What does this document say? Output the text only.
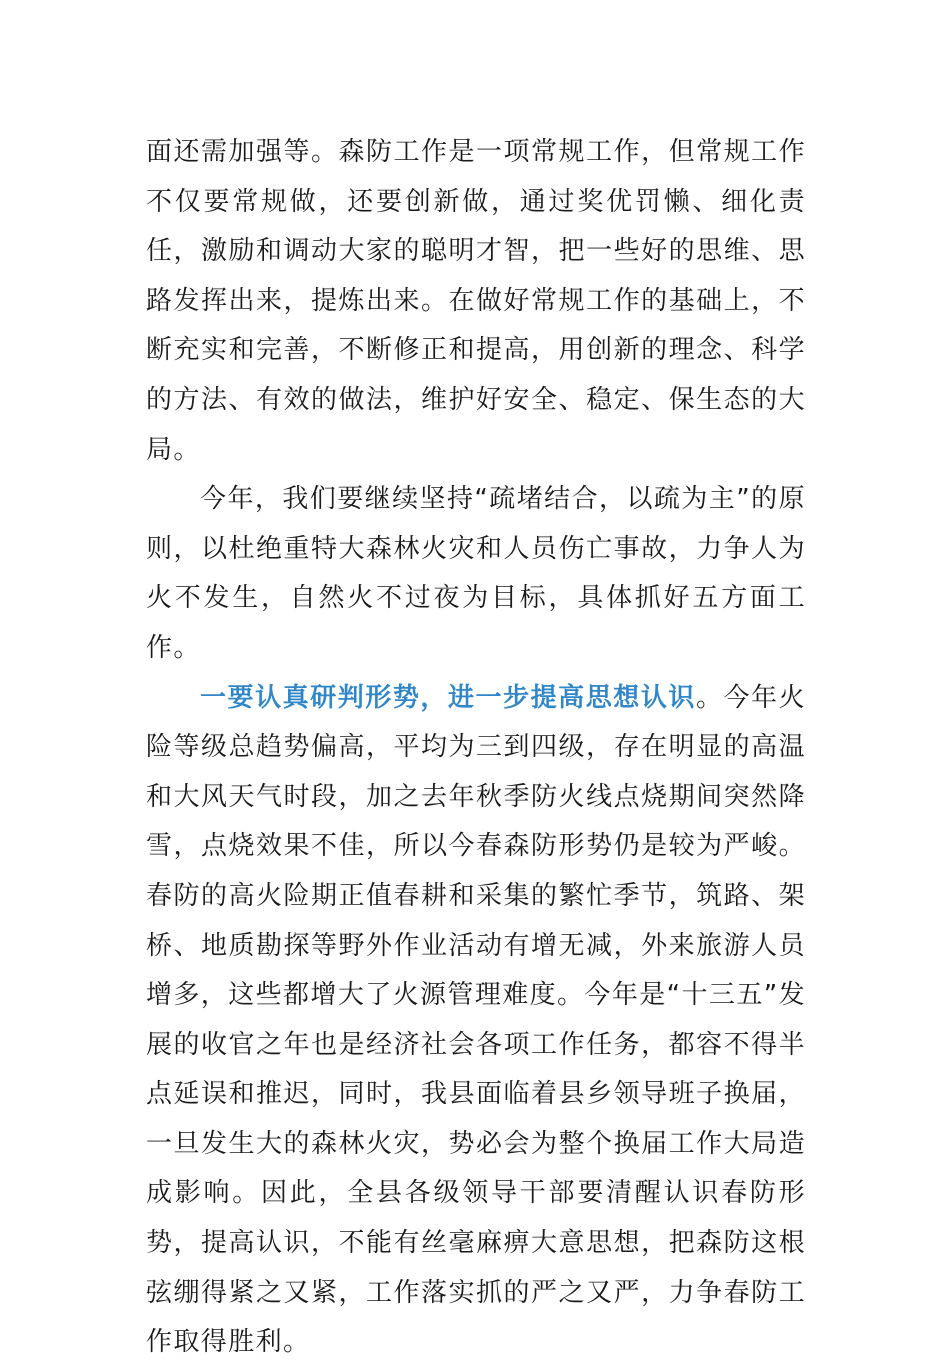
面还需加强等。森防工作是一项常规工作，但常规工作不仅要常规做，还要创新做，通过奖优罚懒、细化责任，激励和调动大家的聪明才智，把一些好的思维、思路发挥出来，提炼出来。在做好常规工作的基础上，不断充实和完善，不断修正和提高，用创新的理念、科学的方法、有效的做法，维护好安全、稳定、保生态的大局。

今年，我们要继续坚持“疏堵结合，以疏为主”的原则，以杜绝重特大森林火灾和人员伤亡事故，力争人为火不发生，自然火不过夜为目标，具体抓好五方面工作。

一要认真研判形势，进一步提高思想认识。今年火险等级总趋势偏高，平均为三到四级，存在明显的高温和大风天气时段，加之去年秋季防火线点烧期间突然降雪，点烧效果不佳，所以今春森防形势仍是较为严峻。春防的高火险期正值春耕和采集的繁忙季节，筑路、架桥、地质勘探等野外作业活动有增无减，外来旅游人员增多，这些都增大了火源管理难度。今年是“十三五”发展的收官之年也是经济社会各项工作任务，都容不得半点延误和推迟，同时，我县面临着县乡领导班子换届，一旦发生大的森林火灾，势必会为整个换届工作大局造成影响。因此，全县各级领导干部要清醒认识春防形势，提高认识，不能有丝毫麻痹大意思想，把森防这根弦绷得紧之又紧，工作落实抓的严之又严，力争春防工作取得胜利。
